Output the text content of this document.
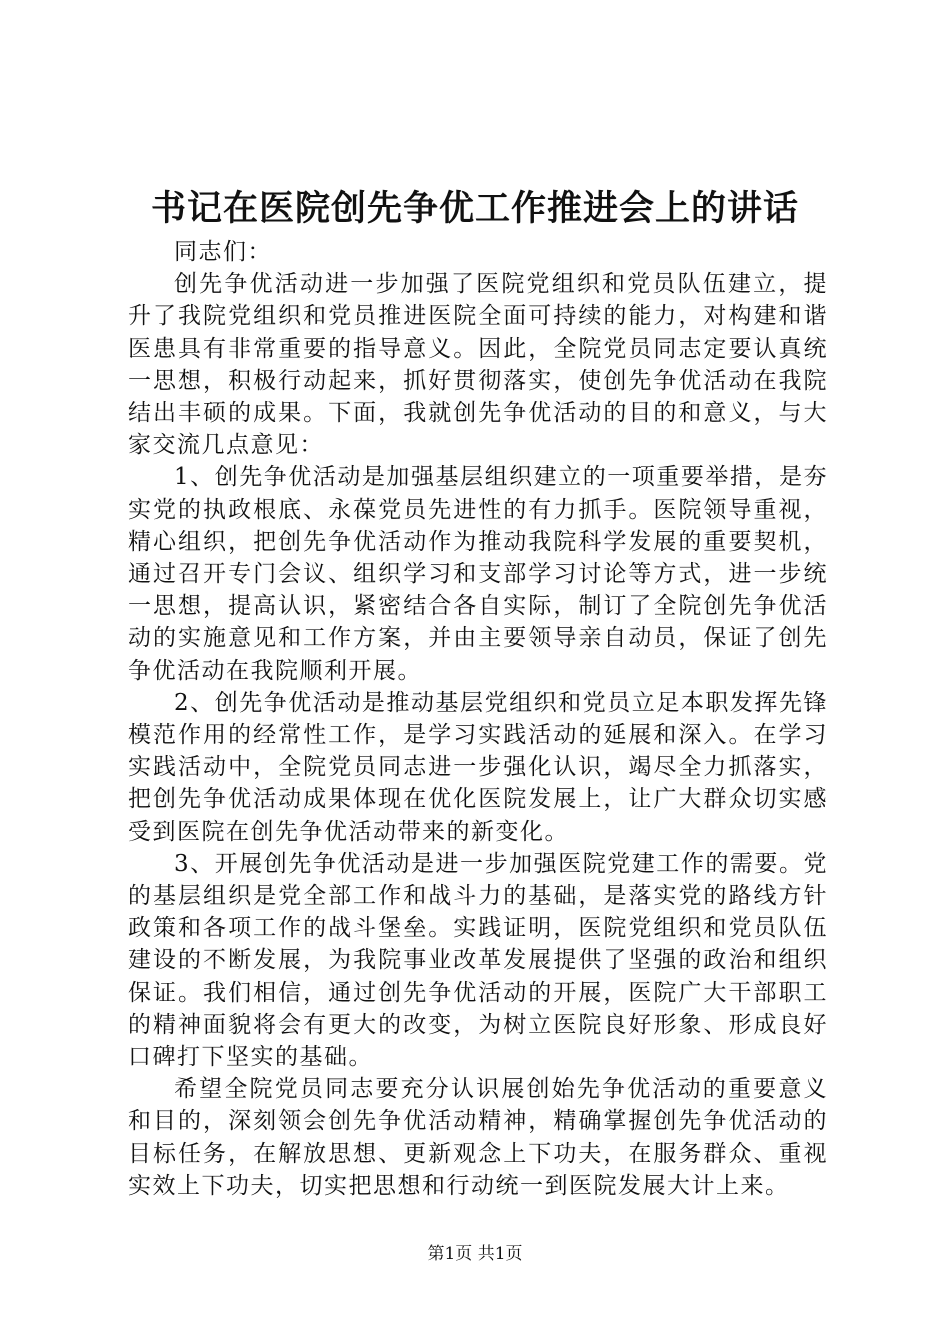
书记在医院创先争优工作推进会上的讲话

同志们：

创先争优活动进一步加强了医院党组织和党员队伍建立，提升了我院党组织和党员推进医院全面可持续的能力，对构建和谐医患具有非常重要的指导意义。因此，全院党员同志定要认真统一思想，积极行动起来，抓好贯彻落实，使创先争优活动在我院结出丰硕的成果。下面，我就创先争优活动的目的和意义，与大家交流几点意见：

1、创先争优活动是加强基层组织建立的一项重要举措，是夯实党的执政根底、永葆党员先进性的有力抓手。医院领导重视，精心组织，把创先争优活动作为推动我院科学发展的重要契机，通过召开专门会议、组织学习和支部学习讨论等方式，进一步统一思想，提高认识，紧密结合各自实际，制订了全院创先争优活动的实施意见和工作方案，并由主要领导亲自动员，保证了创先争优活动在我院顺利开展。

2、创先争优活动是推动基层党组织和党员立足本职发挥先锋模范作用的经常性工作，是学习实践活动的延展和深入。在学习实践活动中，全院党员同志进一步强化认识，竭尽全力抓落实，把创先争优活动成果体现在优化医院发展上，让广大群众切实感受到医院在创先争优活动带来的新变化。

3、开展创先争优活动是进一步加强医院党建工作的需要。党的基层组织是党全部工作和战斗力的基础，是落实党的路线方针政策和各项工作的战斗堡垒。实践证明，医院党组织和党员队伍建设的不断发展，为我院事业改革发展提供了坚强的政治和组织保证。我们相信，通过创先争优活动的开展，医院广大干部职工的精神面貌将会有更大的改变，为树立医院良好形象、形成良好口碑打下坚实的基础。

希望全院党员同志要充分认识展创始先争优活动的重要意义和目的，深刻领会创先争优活动精神，精确掌握创先争优活动的目标任务，在解放思想、更新观念上下功夫，在服务群众、重视实效上下功夫，切实把思想和行动统一到医院发展大计上来。

第1页 共1页
